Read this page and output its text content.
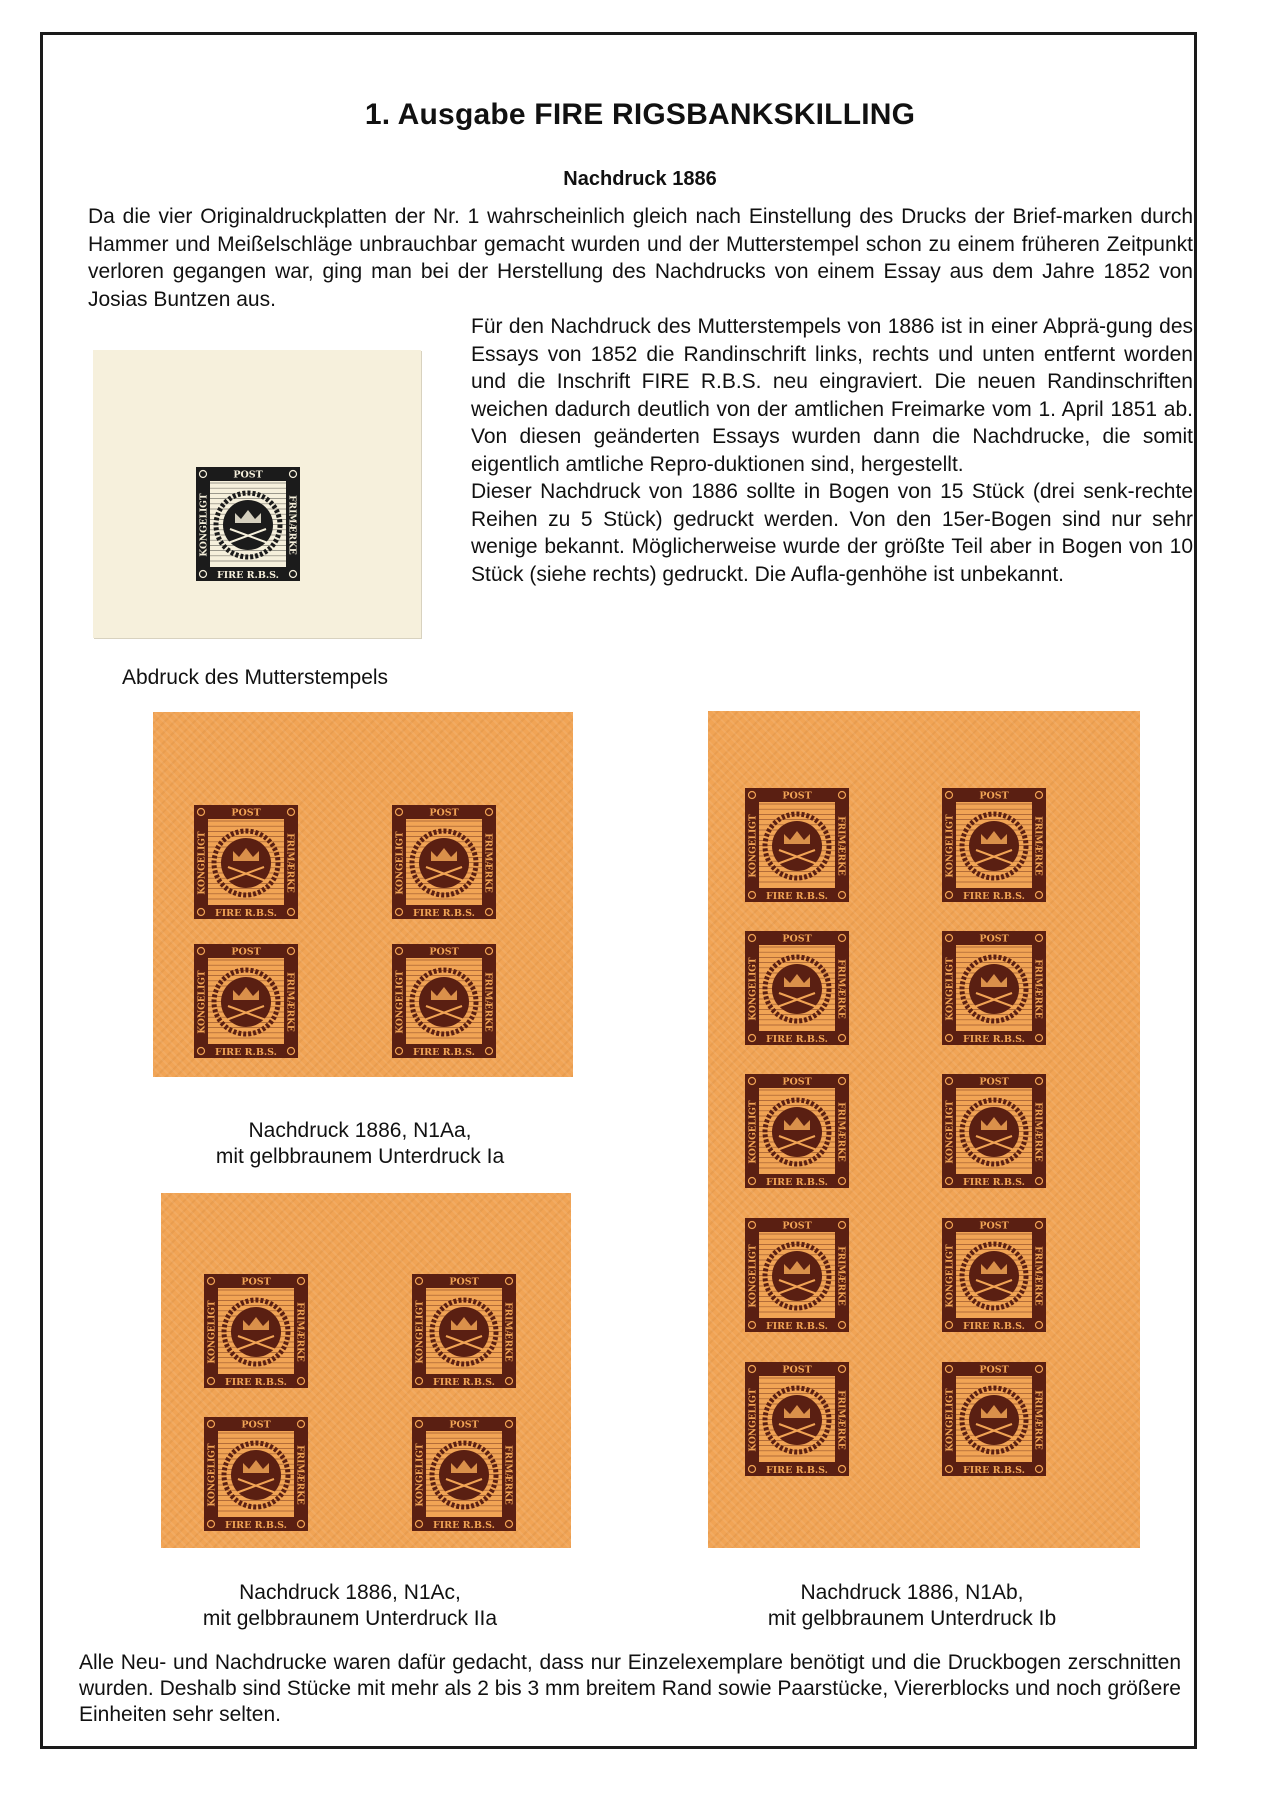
1. Ausgabe FIRE RIGSBANKSKILLING
Nachdruck 1886
Da die vier Originaldruckplatten der Nr. 1 wahrscheinlich gleich nach Einstellung des Drucks der Brief-marken durch Hammer und Meißelschläge unbrauchbar gemacht wurden und der Mutterstempel schon zu einem früheren Zeitpunkt verloren gegangen war, ging man bei der Herstellung des Nachdrucks von einem Essay aus dem Jahre 1852 von Josias Buntzen aus.
Für den Nachdruck des Mutterstempels von 1886 ist in einer Abprä-gung des Essays von 1852 die Randinschrift links, rechts und unten entfernt worden und die Inschrift FIRE R.B.S. neu eingraviert. Die neuen Randinschriften weichen dadurch deutlich von der amtlichen Freimarke vom 1. April 1851 ab. Von diesen geänderten Essays wurden dann die Nachdrucke, die somit eigentlich amtliche Repro-duktionen sind, hergestellt.
Dieser Nachdruck von 1886 sollte in Bogen von 15 Stück (drei senk-rechte Reihen zu 5 Stück) gedruckt werden. Von den 15er-Bogen sind nur sehr wenige bekannt. Möglicherweise wurde der größte Teil aber in Bogen von 10 Stück (siehe rechts) gedruckt. Die Aufla-genhöhe ist unbekannt.
POST
FIRE R.B.S.
KONGELIGT	FRIMÆRKE
Abdruck des Mutterstempels
POST
FIRE R.B.S.
KONGELIGT	FRIMÆRKE
POST
FIRE R.B.S.
KONGELIGT	FRIMÆRKE
POST
FIRE R.B.S.
KONGELIGT	FRIMÆRKE
POST
FIRE R.B.S.
KONGELIGT	FRIMÆRKE
Nachdruck 1886, N1Aa,
mit gelbbraunem Unterdruck Ia
POST
FIRE R.B.S.
KONGELIGT	FRIMÆRKE
POST
FIRE R.B.S.
KONGELIGT	FRIMÆRKE
POST
FIRE R.B.S.
KONGELIGT	FRIMÆRKE
POST
FIRE R.B.S.
KONGELIGT	FRIMÆRKE
Nachdruck 1886, N1Ac,
mit gelbbraunem Unterdruck IIa
POST
FIRE R.B.S.
KONGELIGT	FRIMÆRKE
POST
FIRE R.B.S.
KONGELIGT	FRIMÆRKE
POST
FIRE R.B.S.
KONGELIGT	FRIMÆRKE
POST
FIRE R.B.S.
KONGELIGT	FRIMÆRKE
POST
FIRE R.B.S.
KONGELIGT	FRIMÆRKE
POST
FIRE R.B.S.
KONGELIGT	FRIMÆRKE
POST
FIRE R.B.S.
KONGELIGT	FRIMÆRKE
POST
FIRE R.B.S.
KONGELIGT	FRIMÆRKE
POST
FIRE R.B.S.
KONGELIGT	FRIMÆRKE
POST
FIRE R.B.S.
KONGELIGT	FRIMÆRKE
Nachdruck 1886, N1Ab,
mit gelbbraunem Unterdruck Ib
Alle Neu- und Nachdrucke waren dafür gedacht, dass nur Einzelexemplare benötigt und die Druckbogen zerschnitten wurden. Deshalb sind Stücke mit mehr als 2 bis 3 mm breitem Rand sowie Paarstücke, Viererblocks und noch größere Einheiten sehr selten.
